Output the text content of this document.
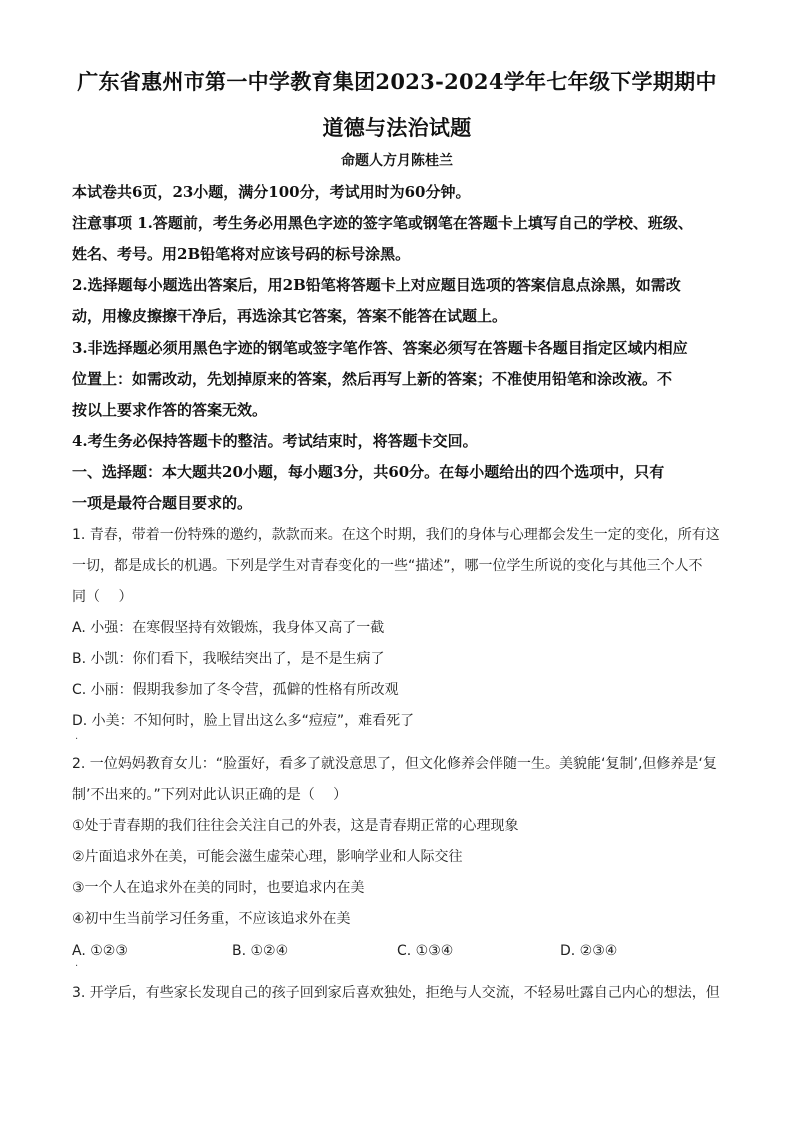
广东省惠州市第一中学教育集团2023-2024学年七年级下学期期中
道德与法治试题
命题人方月陈桂兰
本试卷共6页，23小题，满分100分，考试用时为60分钟。
注意事项 1.答题前，考生务必用黑色字迹的签字笔或钢笔在答题卡上填写自己的学校、班级、
姓名、考号。用2B铅笔将对应该号码的标号涂黑。
2.选择题每小题选出答案后，用2B铅笔将答题卡上对应题目选项的答案信息点涂黑，如需改
动，用橡皮擦擦干净后，再选涂其它答案，答案不能答在试题上。
3.非选择题必须用黑色字迹的钢笔或签字笔作答、答案必须写在答题卡各题目指定区域内相应
位置上：如需改动，先划掉原来的答案，然后再写上新的答案；不准使用铅笔和涂改液。不
按以上要求作答的答案无效。
4.考生务必保持答题卡的整洁。考试结束时，将答题卡交回。
一、选择题：本大题共20小题，每小题3分，共60分。在每小题给出的四个选项中，只有
一项是最符合题目要求的。
1. 青春，带着一份特殊的邀约，款款而来。在这个时期，我们的身体与心理都会发生一定的变化，所有这
一切，都是成长的机遇。下列是学生对青春变化的一些“描述”，哪一位学生所说的变化与其他三个人不
同（　 ）
A. 小强：在寒假坚持有效锻炼，我身体又高了一截
B. 小凯：你们看下，我喉结突出了，是不是生病了
C. 小丽：假期我参加了冬令营，孤僻的性格有所改观
D. 小美：不知何时，脸上冒出这么多“痘痘”，难看死了
.
2. 一位妈妈教育女儿：“脸蛋好，看多了就没意思了，但文化修养会伴随一生。美貌能‘复制’,但修养是‘复
制’不出来的。”下列对此认识正确的是（　 ）
①处于青春期的我们往往会关注自己的外表，这是青春期正常的心理现象
②片面追求外在美，可能会滋生虚荣心理，影响学业和人际交往
③一个人在追求外在美的同时，也要追求内在美
④初中生当前学习任务重，不应该追求外在美
A. ①②③	B. ①②④	C. ①③④	D. ②③④
.
3. 开学后，有些家长发现自己的孩子回到家后喜欢独处，拒绝与人交流，不轻易吐露自己内心的想法，但
